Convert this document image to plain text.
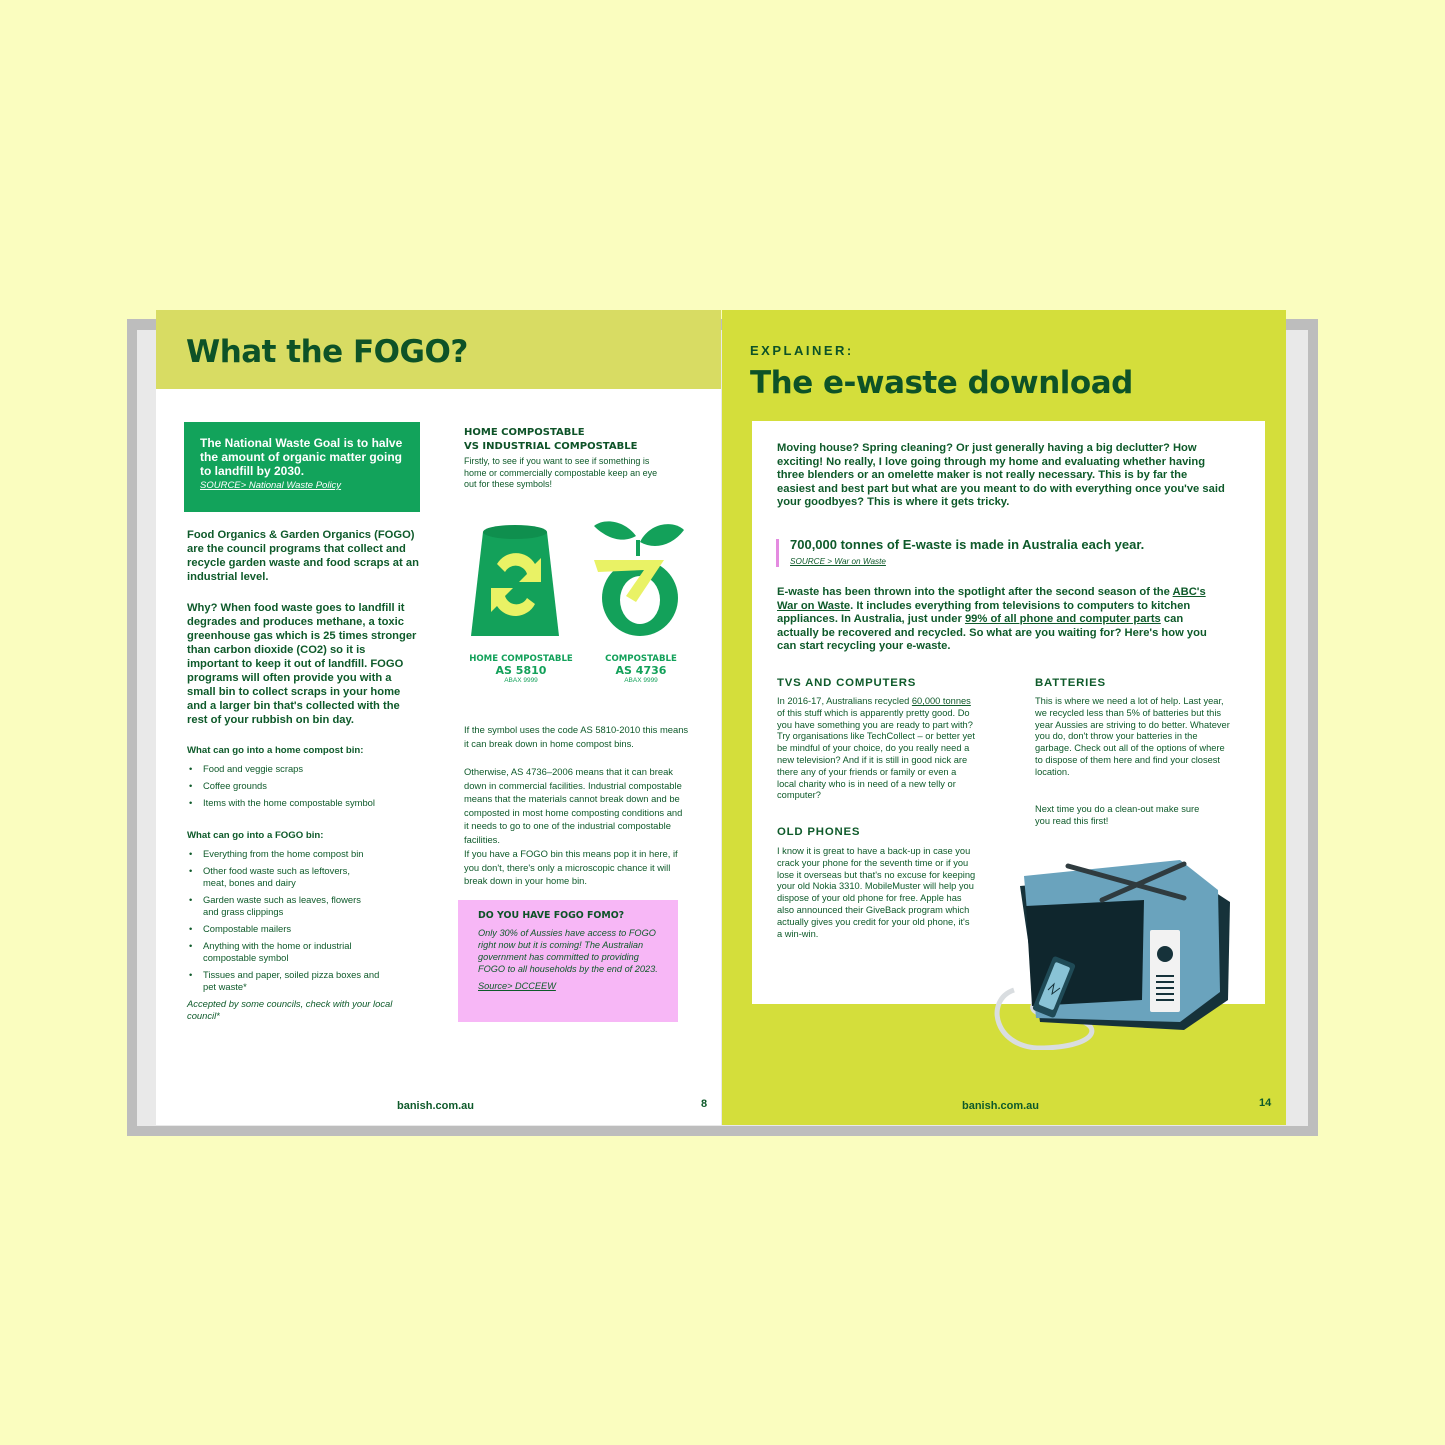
What the FOGO?
The National Waste Goal is to halve the amount of organic matter going to landfill by 2030.
SOURCE> National Waste Policy

Food Organics & Garden Organics (FOGO) are the council programs that collect and recycle garden waste and food scraps at an industrial level.

Why? When food waste goes to landfill it degrades and produces methane, a toxic greenhouse gas which is 25 times stronger than carbon dioxide (CO2) so it is important to keep it out of landfill. FOGO programs will often provide you with a small bin to collect scraps in your home and a larger bin that's collected with the rest of your rubbish on bin day.

What can go into a home compost bin:

• Food and veggie scraps
• Coffee grounds
• Items with the home compostable symbol

What can go into a FOGO bin:

• Everything from the home compost bin
• Other food waste such as leftovers, meat, bones and dairy
• Garden waste such as leaves, flowers and grass clippings
• Compostable mailers
• Anything with the home or industrial compostable symbol
• Tissues and paper, soiled pizza boxes and pet waste*

Accepted by some councils, check with your local council*

HOME COMPOSTABLE
VS INDUSTRIAL COMPOSTABLE

Firstly, to see if you want to see if something is home or commercially compostable keep an eye out for these symbols!

HOME COMPOSTABLE
AS 5810
ABAX 9999
COMPOSTABLE
AS 4736
ABAX 9999

If the symbol uses the code AS 5810-2010 this means it can break down in home compost bins.

Otherwise, AS 4736–2006 means that it can break down in commercial facilities. Industrial compostable means that the materials cannot break down and be composted in most home composting conditions and it needs to go to one of the industrial compostable facilities.

If you have a FOGO bin this means pop it in here, if you don't, there's only a microscopic chance it will break down in your home bin.

DO YOU HAVE FOGO FOMO?

Only 30% of Aussies have access to FOGO right now but it is coming! The Australian government has committed to providing FOGO to all households by the end of 2023.

Source> DCCEEW

banish.com.au	8

EXPLAINER:

The e-waste download

Moving house? Spring cleaning? Or just generally having a big declutter? How exciting! No really, I love going through my home and evaluating whether having three blenders or an omelette maker is not really necessary. This is by far the easiest and best part but what are you meant to do with everything once you've said your goodbyes? This is where it gets tricky.

700,000 tonnes of E-waste is made in Australia each year.

SOURCE > War on Waste

E-waste has been thrown into the spotlight after the second season of the ABC's War on Waste. It includes everything from televisions to computers to kitchen appliances. In Australia, just under 99% of all phone and computer parts can actually be recovered and recycled. So what are you waiting for? Here's how you can start recycling your e-waste.

TVS AND COMPUTERS

In 2016-17, Australians recycled 60,000 tonnes of this stuff which is apparently pretty good. Do you have something you are ready to part with? Try organisations like TechCollect – or better yet be mindful of your choice, do you really need a new television? And if it is still in good nick are there any of your friends or family or even a local charity who is in need of a new telly or computer?

OLD PHONES

I know it is great to have a back-up in case you crack your phone for the seventh time or if you lose it overseas but that's no excuse for keeping your old Nokia 3310. MobileMuster will help you dispose of your old phone for free. Apple has also announced their GiveBack program which actually gives you credit for your old phone, it's a win-win.

BATTERIES

This is where we need a lot of help. Last year, we recycled less than 5% of batteries but this year Aussies are striving to do better. Whatever you do, don't throw your batteries in the garbage. Check out all of the options of where to dispose of them here and find your closest location.

Next time you do a clean-out make sure you read this first!

banish.com.au	14
